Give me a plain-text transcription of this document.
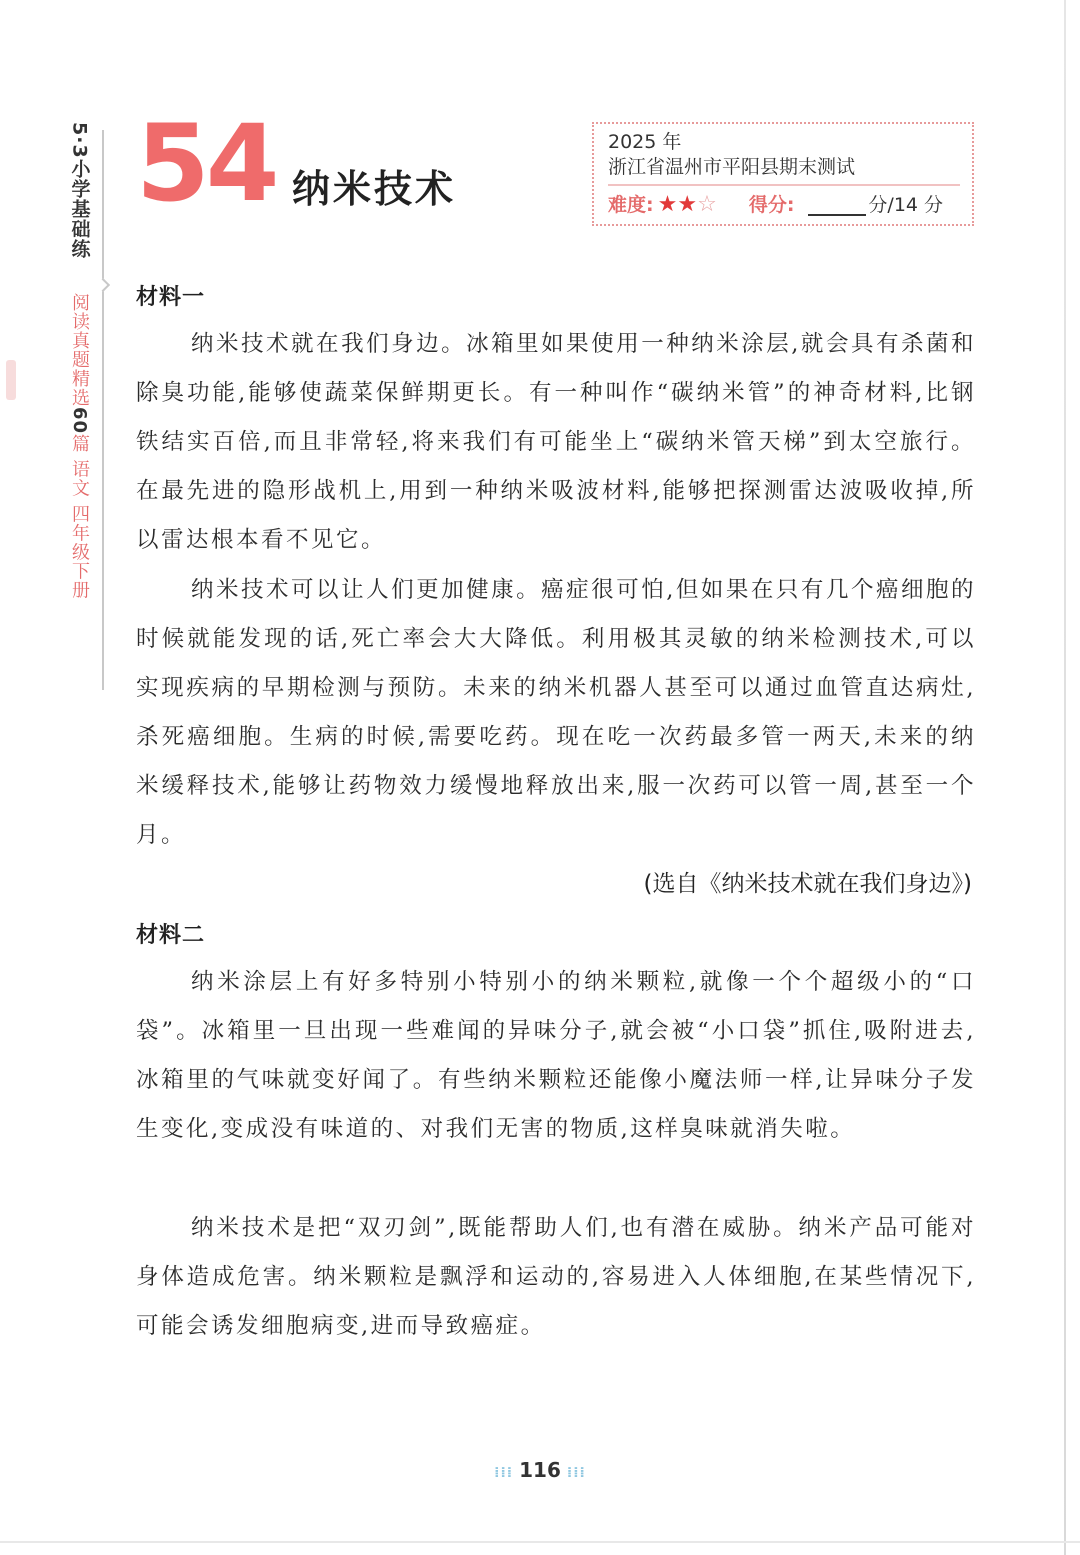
5·3小学基础练
阅读真题精选60篇 语文 四年级下册
54 纳米技术
2025 年
浙江省温州市平阳县期末测试
难度: ★ ★ ☆ 得分:	分/14 分
材料一

纳米技术就在我们身边。冰箱里如果使用一种纳米涂层,就会具有杀菌和除臭功能,能够使蔬菜保鲜期更长。有一种叫作“碳纳米管”的神奇材料,比钢铁结实百倍,而且非常轻,将来我们有可能坐上“碳纳米管天梯”到太空旅行。在最先进的隐形战机上,用到一种纳米吸波材料,能够把探测雷达波吸收掉,所以雷达根本看不见它。

纳米技术可以让人们更加健康。癌症很可怕,但如果在只有几个癌细胞的时候就能发现的话,死亡率会大大降低。利用极其灵敏的纳米检测技术,可以实现疾病的早期检测与预防。未来的纳米机器人甚至可以通过血管直达病灶,杀死癌细胞。生病的时候,需要吃药。现在吃一次药最多管一两天,未来的纳米缓释技术,能够让药物效力缓慢地释放出来,服一次药可以管一周,甚至一个月。

(选自《纳米技术就在我们身边》)
材料二

纳米涂层上有好多特别小特别小的纳米颗粒,就像一个个超级小的“口袋”。冰箱里一旦出现一些难闻的异味分子,就会被“小口袋”抓住,吸附进去,冰箱里的气味就变好闻了。有些纳米颗粒还能像小魔法师一样,让异味分子发生变化,变成没有味道的、对我们无害的物质,这样臭味就消失啦。

纳米技术是把“双刃剑”,既能帮助人们,也有潜在威胁。纳米产品可能对身体造成危害。纳米颗粒是飘浮和运动的,容易进入人体细胞,在某些情况下,可能会诱发细胞病变,进而导致癌症。

⁞⁞⁞ 116 ⁞⁞⁞
